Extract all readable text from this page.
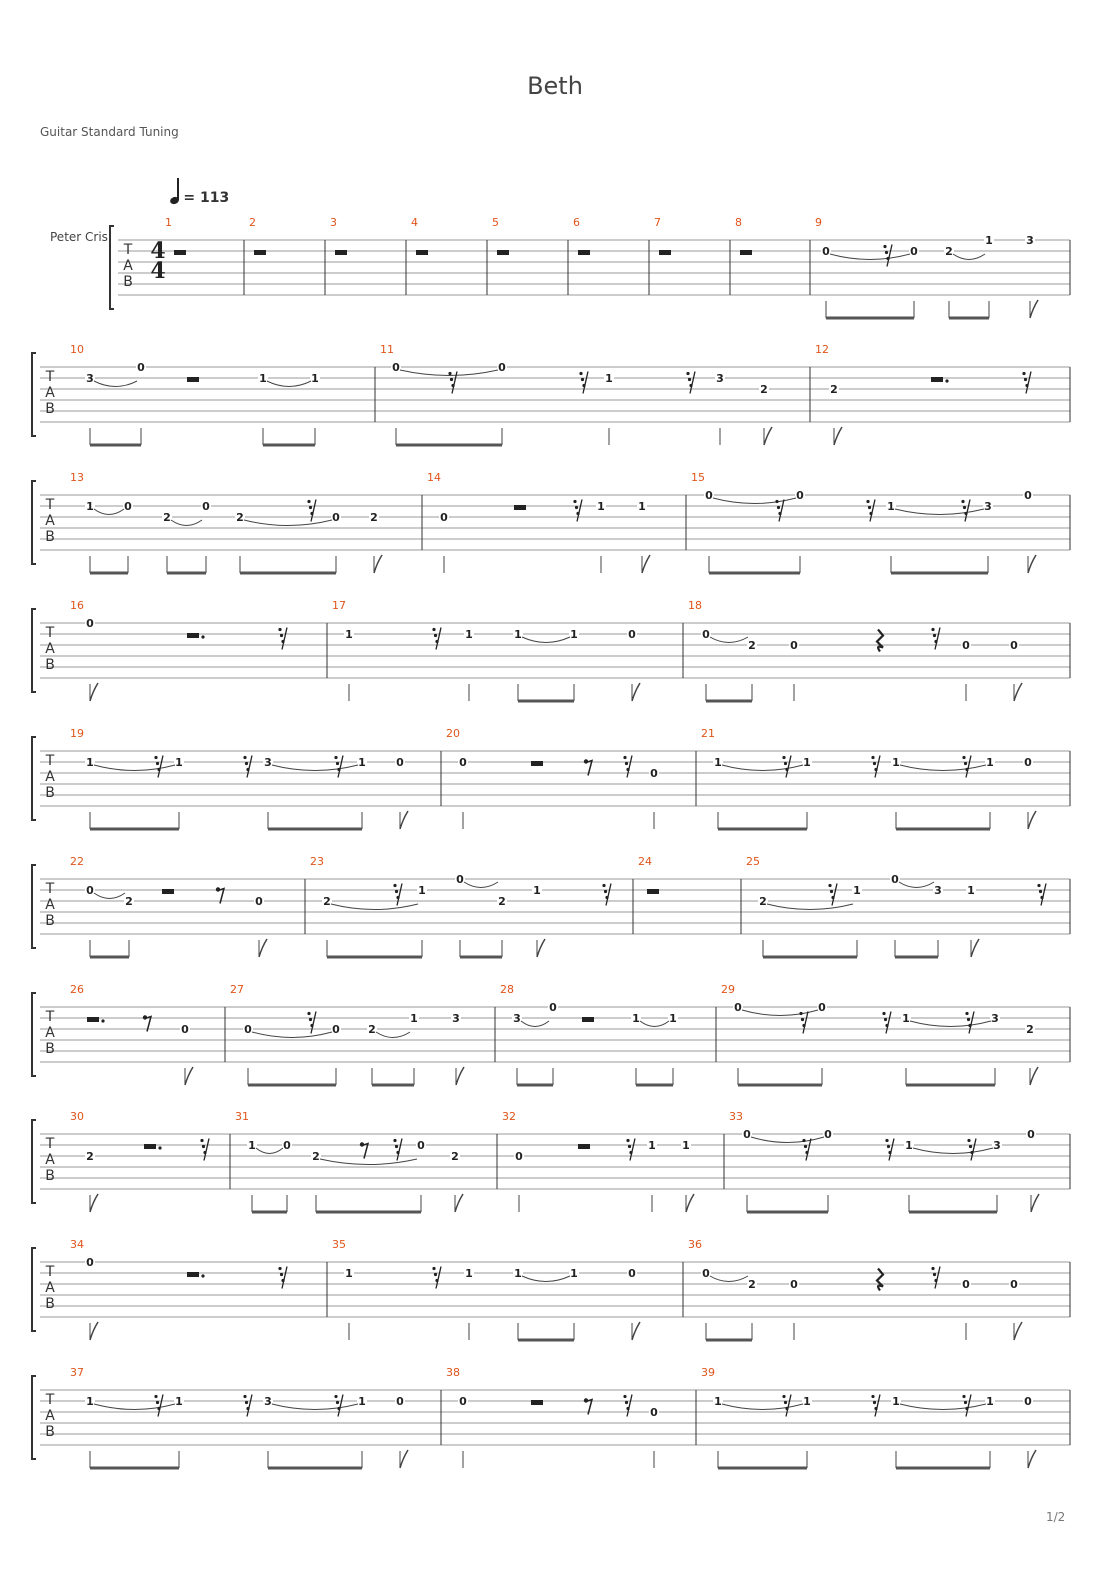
Beth
Guitar Standard Tuning
= 113
Peter Cris
1/2
T
A
B
4
4
1	2	3	4	5	6	7	8	9
0	0 2
1	3
T
A
B
10
3
0
1	1
11
0	0
1	3
2
12
2
T
A
B
13
1	0
2
0
2	0	2
14
0
1	1
15
0	0
1	3
0
T
A
B
16
0
17
1	1	1	1	0
18
0
2	0	0	0
T
A
B
19
1	1	3	1	0
20
0
0
21
1	1	1	1	0
T
A
B
22
0
2	0
23
2
1
0
2
1
24	25
2
1
0
3 1
T
A
B
26
0
27
0	0	2
1	3
28
3
0
1	1
29
0	0
1	3
2
T
A
B
30
2
31
1 0
2
0
2
32
0
1 1
33
0	0
1	3
0
T
A
B
34
0
35
1	1	1	1	0
36
0
2	0	0	0
T
A
B
37
1	1	3	1	0
38
0
0
39
1	1	1	1	0
